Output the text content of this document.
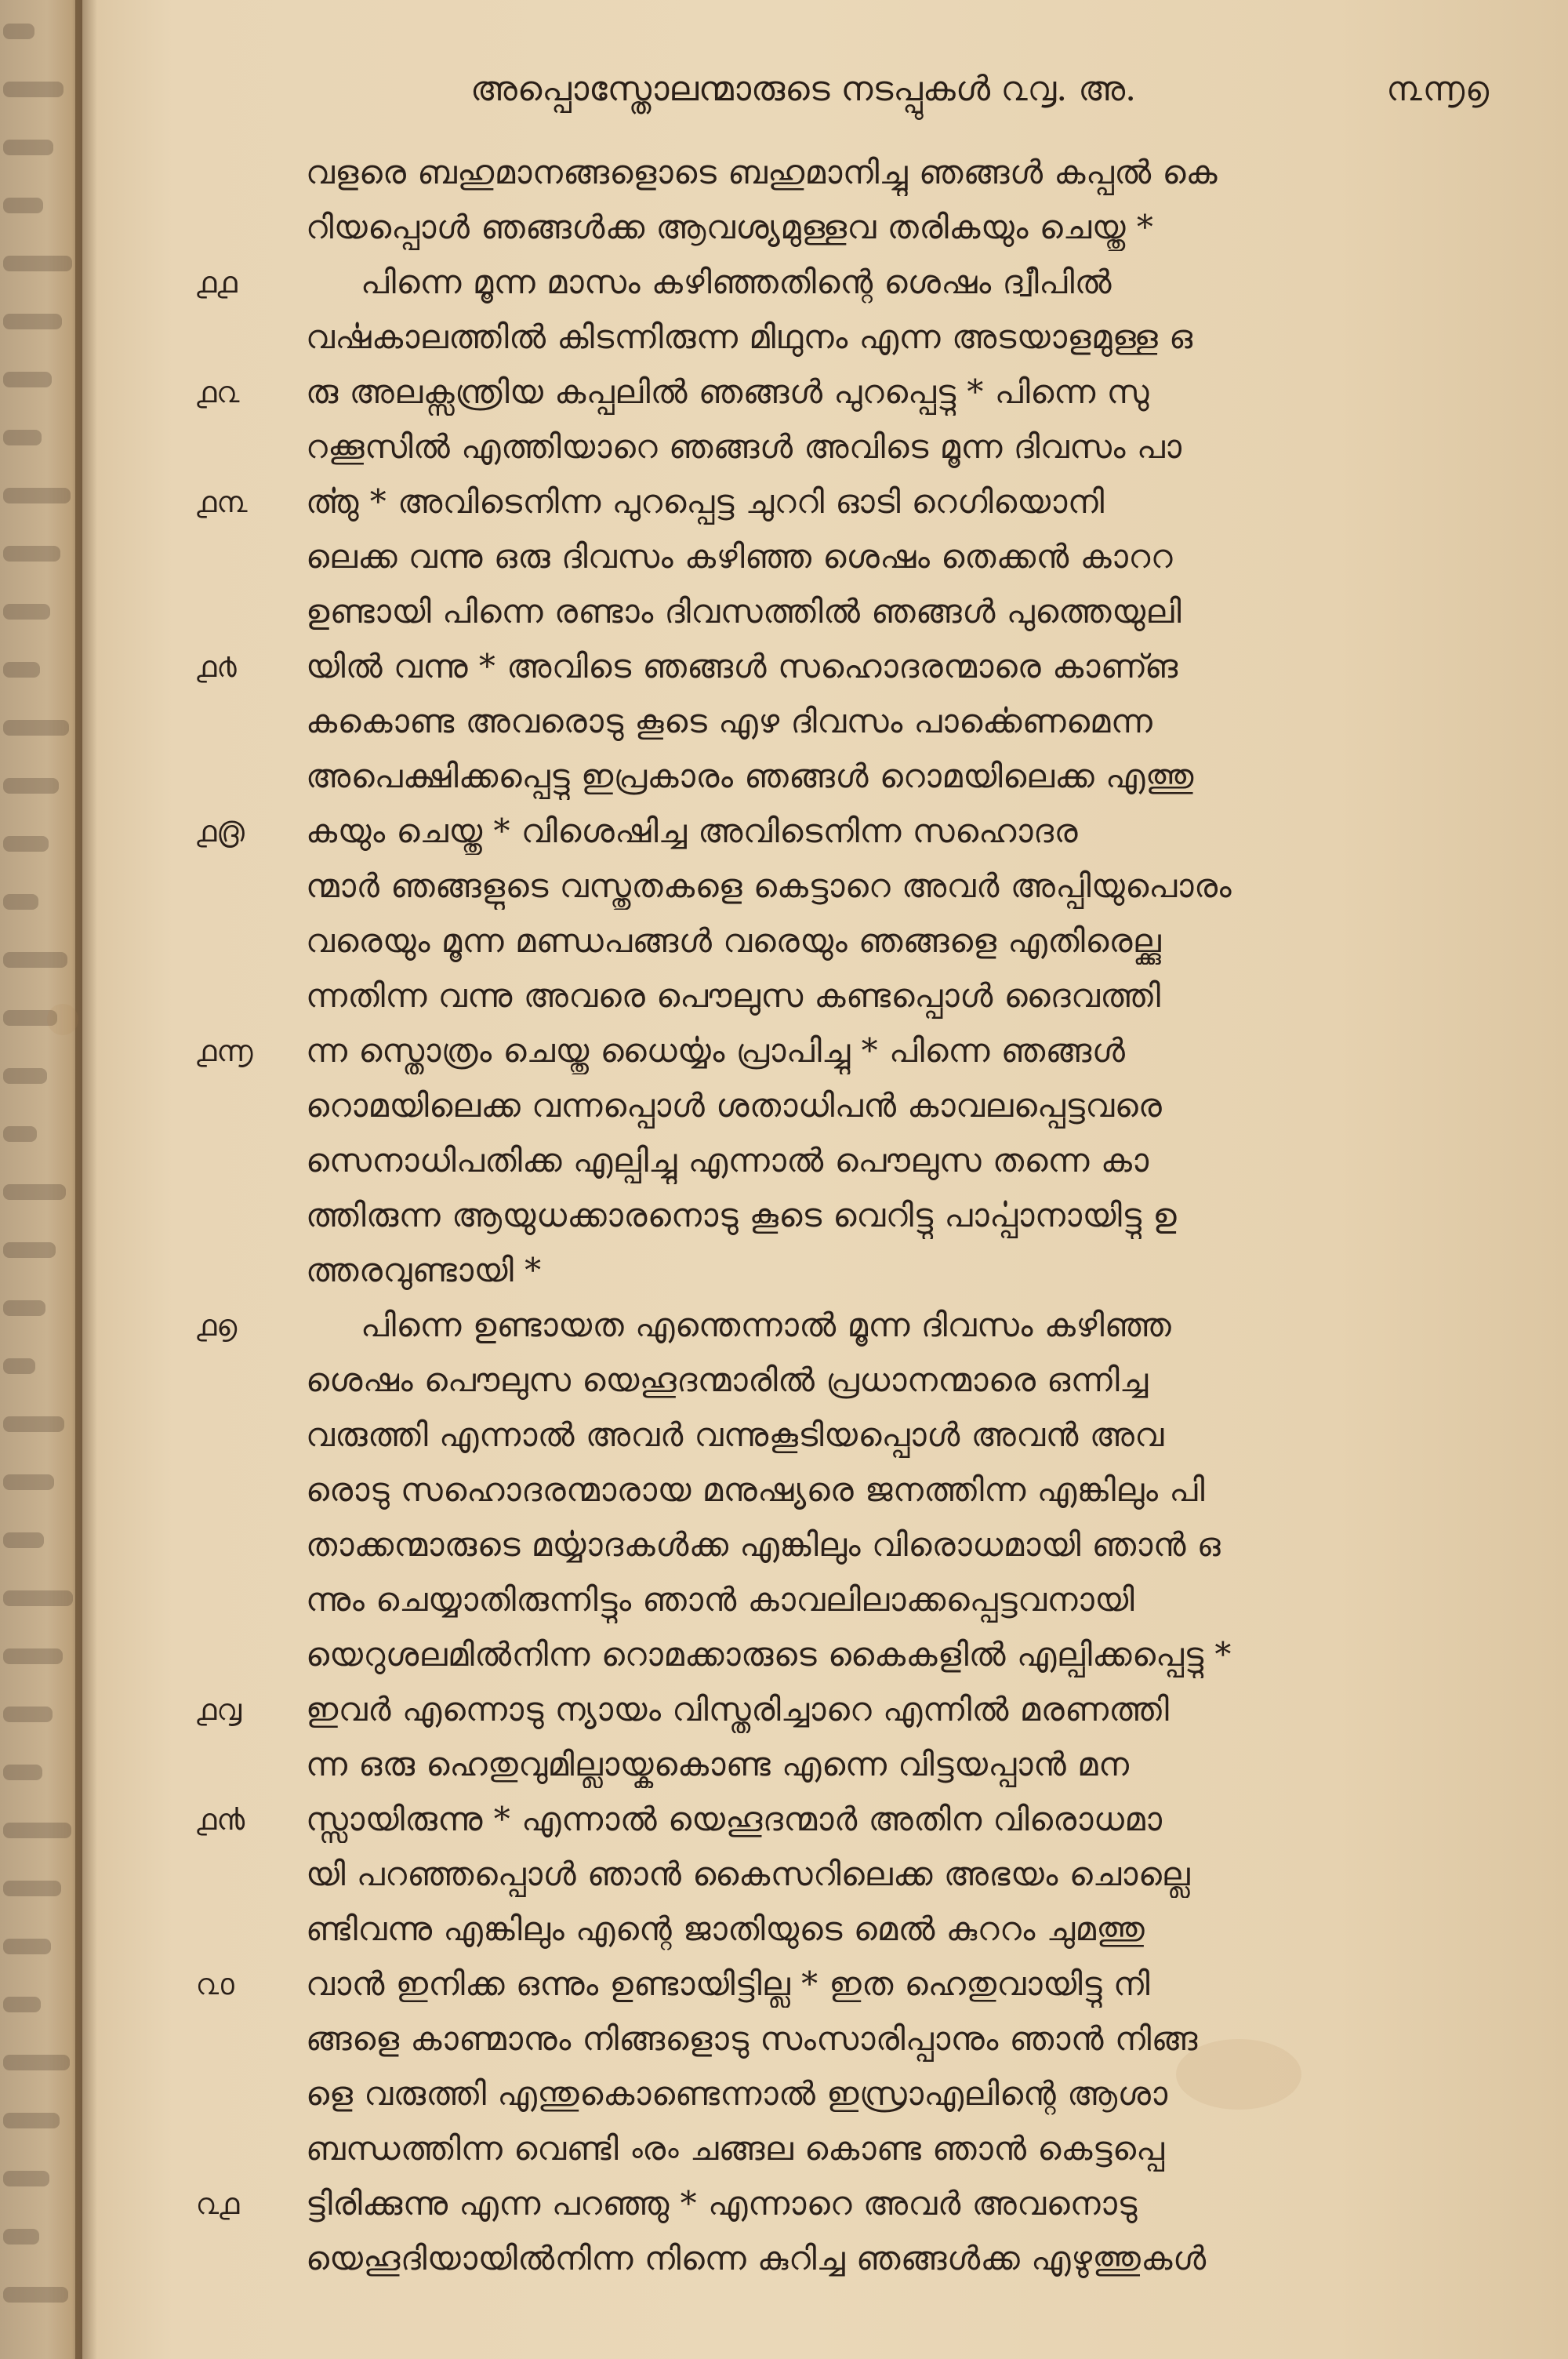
അപ്പൊസ്തോലന്മാരുടെ നടപ്പുകൾ ൨൮. അ.	൩൬൭
വളരെ ബഹുമാനങ്ങളൊടെ ബഹുമാനിച്ചു ഞങ്ങൾ കപ്പൽ കെ
റിയപ്പൊൾ ഞങ്ങൾക്ക ആവശ്യമുള്ളവ തരികയും ചെയ്തു *
പിന്നെ മൂന്ന മാസം കഴിഞ്ഞതിന്റെ ശെഷം ദ്വീപിൽ
൧൧
വൎഷകാലത്തിൽ കിടന്നിരുന്ന മിഥുനം എന്ന അടയാളമുള്ള ഒ
രു അലക്സന്ത്രിയ കപ്പലിൽ ഞങ്ങൾ പുറപ്പെട്ടു * പിന്നെ സു
൧൨
റക്കൂസിൽ എത്തിയാറെ ഞങ്ങൾ അവിടെ മൂന്ന ദിവസം പാ
ൎത്തു * അവിടെനിന്ന പുറപ്പെട്ട ചുററി ഓടി റെഗിയൊനി
൧൩
ലെക്ക വന്നു ഒരു ദിവസം കഴിഞ്ഞ ശെഷം തെക്കൻ കാററ
ഉണ്ടായി പിന്നെ രണ്ടാം ദിവസത്തിൽ ഞങ്ങൾ പുത്തെയുലി
യിൽ വന്നു * അവിടെ ഞങ്ങൾ സഹൊദരന്മാരെ കാണ്ങ
൧൪
കകൊണ്ട അവരൊടു കൂടെ എഴ ദിവസം പാൎക്കെണമെന്ന
അപെക്ഷിക്കപ്പെട്ടു ഇപ്രകാരം ഞങ്ങൾ റൊമയിലെക്ക എത്തു
കയും ചെയ്തു * വിശെഷിച്ച അവിടെനിന്ന സഹൊദര
൧൫
ന്മാർ ഞങ്ങളുടെ വസ്തുതകളെ കെട്ടാറെ അവർ അപ്പിയുപൊരം
വരെയും മൂന്ന മണ്ഡപങ്ങൾ വരെയും ഞങ്ങളെ എതിരെല്ക്കു
ന്നതിന്ന വന്നു അവരെ പൌലുസ കണ്ടപ്പൊൾ ദൈവത്തി
ന്ന സ്തൊത്രം ചെയ്തു ധൈൎയ്യം പ്രാപിച്ചു * പിന്നെ ഞങ്ങൾ
൧൬
റൊമയിലെക്ക വന്നപ്പൊൾ ശതാധിപൻ കാവലപ്പെട്ടവരെ
സെനാധിപതിക്ക എല്പിച്ചു എന്നാൽ പൌലുസ തന്നെ കാ
ത്തിരുന്ന ആയുധക്കാരനൊടു കൂടെ വെറിട്ടു പാൎപ്പാനായിട്ടു ഉ
ത്തരവുണ്ടായി *
പിന്നെ ഉണ്ടായത എന്തെന്നാൽ മൂന്ന ദിവസം കഴിഞ്ഞ
൧൭
ശെഷം പൌലുസ യെഹൂദന്മാരിൽ പ്രധാനന്മാരെ ഒന്നിച്ച
വരുത്തി എന്നാൽ അവർ വന്നുകൂടിയപ്പൊൾ അവൻ അവ
രൊടു സഹൊദരന്മാരായ മനുഷ്യരെ ജനത്തിന്ന എങ്കിലും പി
താക്കന്മാരുടെ മൎയ്യാദകൾക്ക എങ്കിലും വിരൊധമായി ഞാൻ ഒ
ന്നും ചെയ്യാതിരുന്നിട്ടും ഞാൻ കാവലിലാക്കപ്പെട്ടവനായി
യെറുശലമിൽനിന്ന റൊമക്കാരുടെ കൈകളിൽ എല്പിക്കപ്പെട്ടു *
ഇവർ എന്നൊടു ന്യായം വിസ്തരിച്ചാറെ എന്നിൽ മരണത്തി
൧൮
ന്ന ഒരു ഹെതുവുമില്ലായ്കകൊണ്ട എന്നെ വിട്ടയപ്പാൻ മന
സ്സായിരുന്നു * എന്നാൽ യെഹൂദന്മാർ അതിന വിരൊധമാ
൧൯
യി പറഞ്ഞപ്പൊൾ ഞാൻ കൈസറിലെക്ക അഭയം ചൊല്ലെ
ണ്ടിവന്നു എങ്കിലും എന്റെ ജാതിയുടെ മെൽ കുററം ചുമത്തു
വാൻ ഇനിക്ക ഒന്നും ഉണ്ടായിട്ടില്ല * ഇത ഹെതുവായിട്ടു നി
൨൦
ങ്ങളെ കാണ്മാനും നിങ്ങളൊടു സംസാരിപ്പാനും ഞാൻ നിങ്ങ
ളെ വരുത്തി എന്തുകൊണ്ടെന്നാൽ ഇസ്രാഎലിന്റെ ആശാ
ബന്ധത്തിന്ന വെണ്ടി ൟ ചങ്ങല കൊണ്ട ഞാൻ കെട്ടപ്പെ
ട്ടിരിക്കുന്നു എന്ന പറഞ്ഞു * എന്നാറെ അവർ അവനൊടു
൨൧
യെഹൂദിയായിൽനിന്ന നിന്നെ കുറിച്ച ഞങ്ങൾക്ക എഴുത്തുകൾ
